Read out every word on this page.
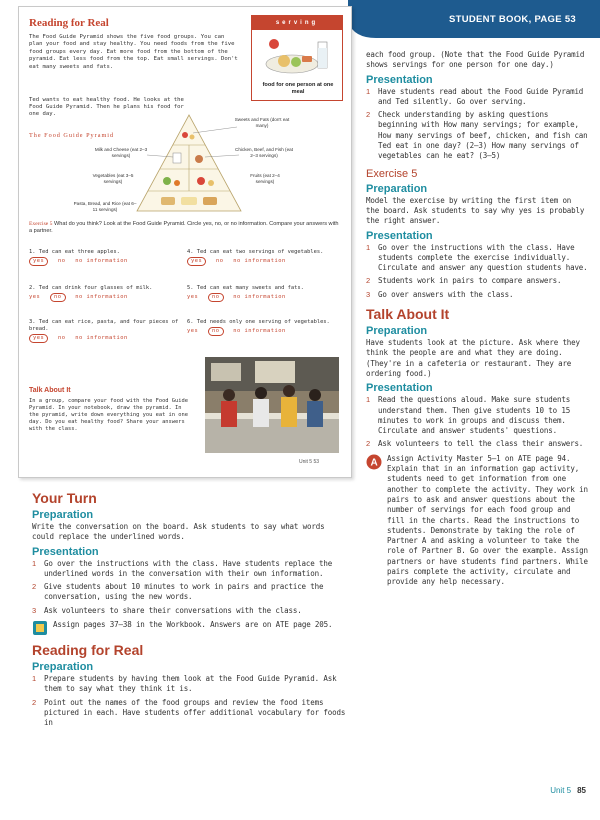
STUDENT BOOK, PAGE 53
Reading for Real
The Food Guide Pyramid shows the five food groups. You can plan your food and stay healthy. You need foods from the five food groups every day. Eat more food from the bottom of the pyramid. Eat less food from the top. Eat small servings. Don't eat many sweets and fats.
serving
food for one person at one meal
Ted wants to eat healthy food. He looks at the Food Guide Pyramid. Then he plans his food for one day.
The Food Guide Pyramid
Sweets and Fats (don't eat many)
Milk and Cheese (eat 2–3 servings)
Chicken, Beef, and Fish (eat 2–3 servings)
Vegetables (eat 3–5 servings)
Fruits (eat 2–4 servings)
Pasta, Bread, and Rice (eat 6–11 servings)
Exercise 5 What do you think? Look at the Food Guide Pyramid. Circle yes, no, or no information. Compare your answers with a partner.
1. Ted can eat three apples.
yes	no no information
2. Ted can drink four glasses of milk.
yes	no	no information
3. Ted can eat rice, pasta, and four pieces of bread.
yes	no no information
4. Ted can eat two servings of vegetables.
yes	no no information
5. Ted can eat many sweets and fats.
yes	no	no information
6. Ted needs only one serving of vegetables.
yes	no	no information
Talk About It
In a group, compare your food with the Food Guide Pyramid. In your notebook, draw the pyramid. In the pyramid, write down everything you eat in one day. Do you eat healthy food? Share your answers with the class.
Unit 5 53
each food group. (Note that the Food Guide Pyramid shows servings for one person for one day.)
Presentation
1	Have students read about the Food Guide Pyramid and Ted silently. Go over serving.
2	Check understanding by asking questions beginning with How many servings; for example, How many servings of beef, chicken, and fish can Ted eat in one day? (2–3) How many servings of vegetables can he eat? (3–5)
Exercise 5
Preparation
Model the exercise by writing the first item on the board. Ask students to say why yes is probably the right answer.
Presentation
1	Go over the instructions with the class. Have students complete the exercise individually. Circulate and answer any question students have.
2	Students work in pairs to compare answers.
3	Go over answers with the class.
Talk About It
Preparation
Have students look at the picture. Ask where they think the people are and what they are doing. (They're in a cafeteria or restaurant. They are ordering food.)
Presentation
1	Read the questions aloud. Make sure students understand them. Then give students 10 to 15 minutes to work in groups and discuss them. Circulate and answer students' questions.
2	Ask volunteers to tell the class their answers.
A Assign Activity Master 5–1 on ATE page 94. Explain that in an information gap activity, students need to get information from one another to complete the activity. They work in pairs to ask and answer questions about the number of servings for each food group and fill in the charts. Read the instructions to students. Demonstrate by taking the role of Partner A and asking a volunteer to take the role of Partner B. Go over the example. Assign partners or have students find partners. While pairs complete the activity, circulate and provide any help necessary.
Your Turn
Preparation
Write the conversation on the board. Ask students to say what words could replace the underlined words.
Presentation
1	Go over the instructions with the class. Have students replace the underlined words in the conversation with their own information.
2	Give students about 10 minutes to work in pairs and practice the conversation, using the new words.
3	Ask volunteers to share their conversations with the class.
Assign pages 37–38 in the Workbook. Answers are on ATE page 205.
Reading for Real
Preparation
1	Prepare students by having them look at the Food Guide Pyramid. Ask them to say what they think it is.
2	Point out the names of the food groups and review the food items pictured in each. Have students offer additional vocabulary for foods in
Unit 5 85
